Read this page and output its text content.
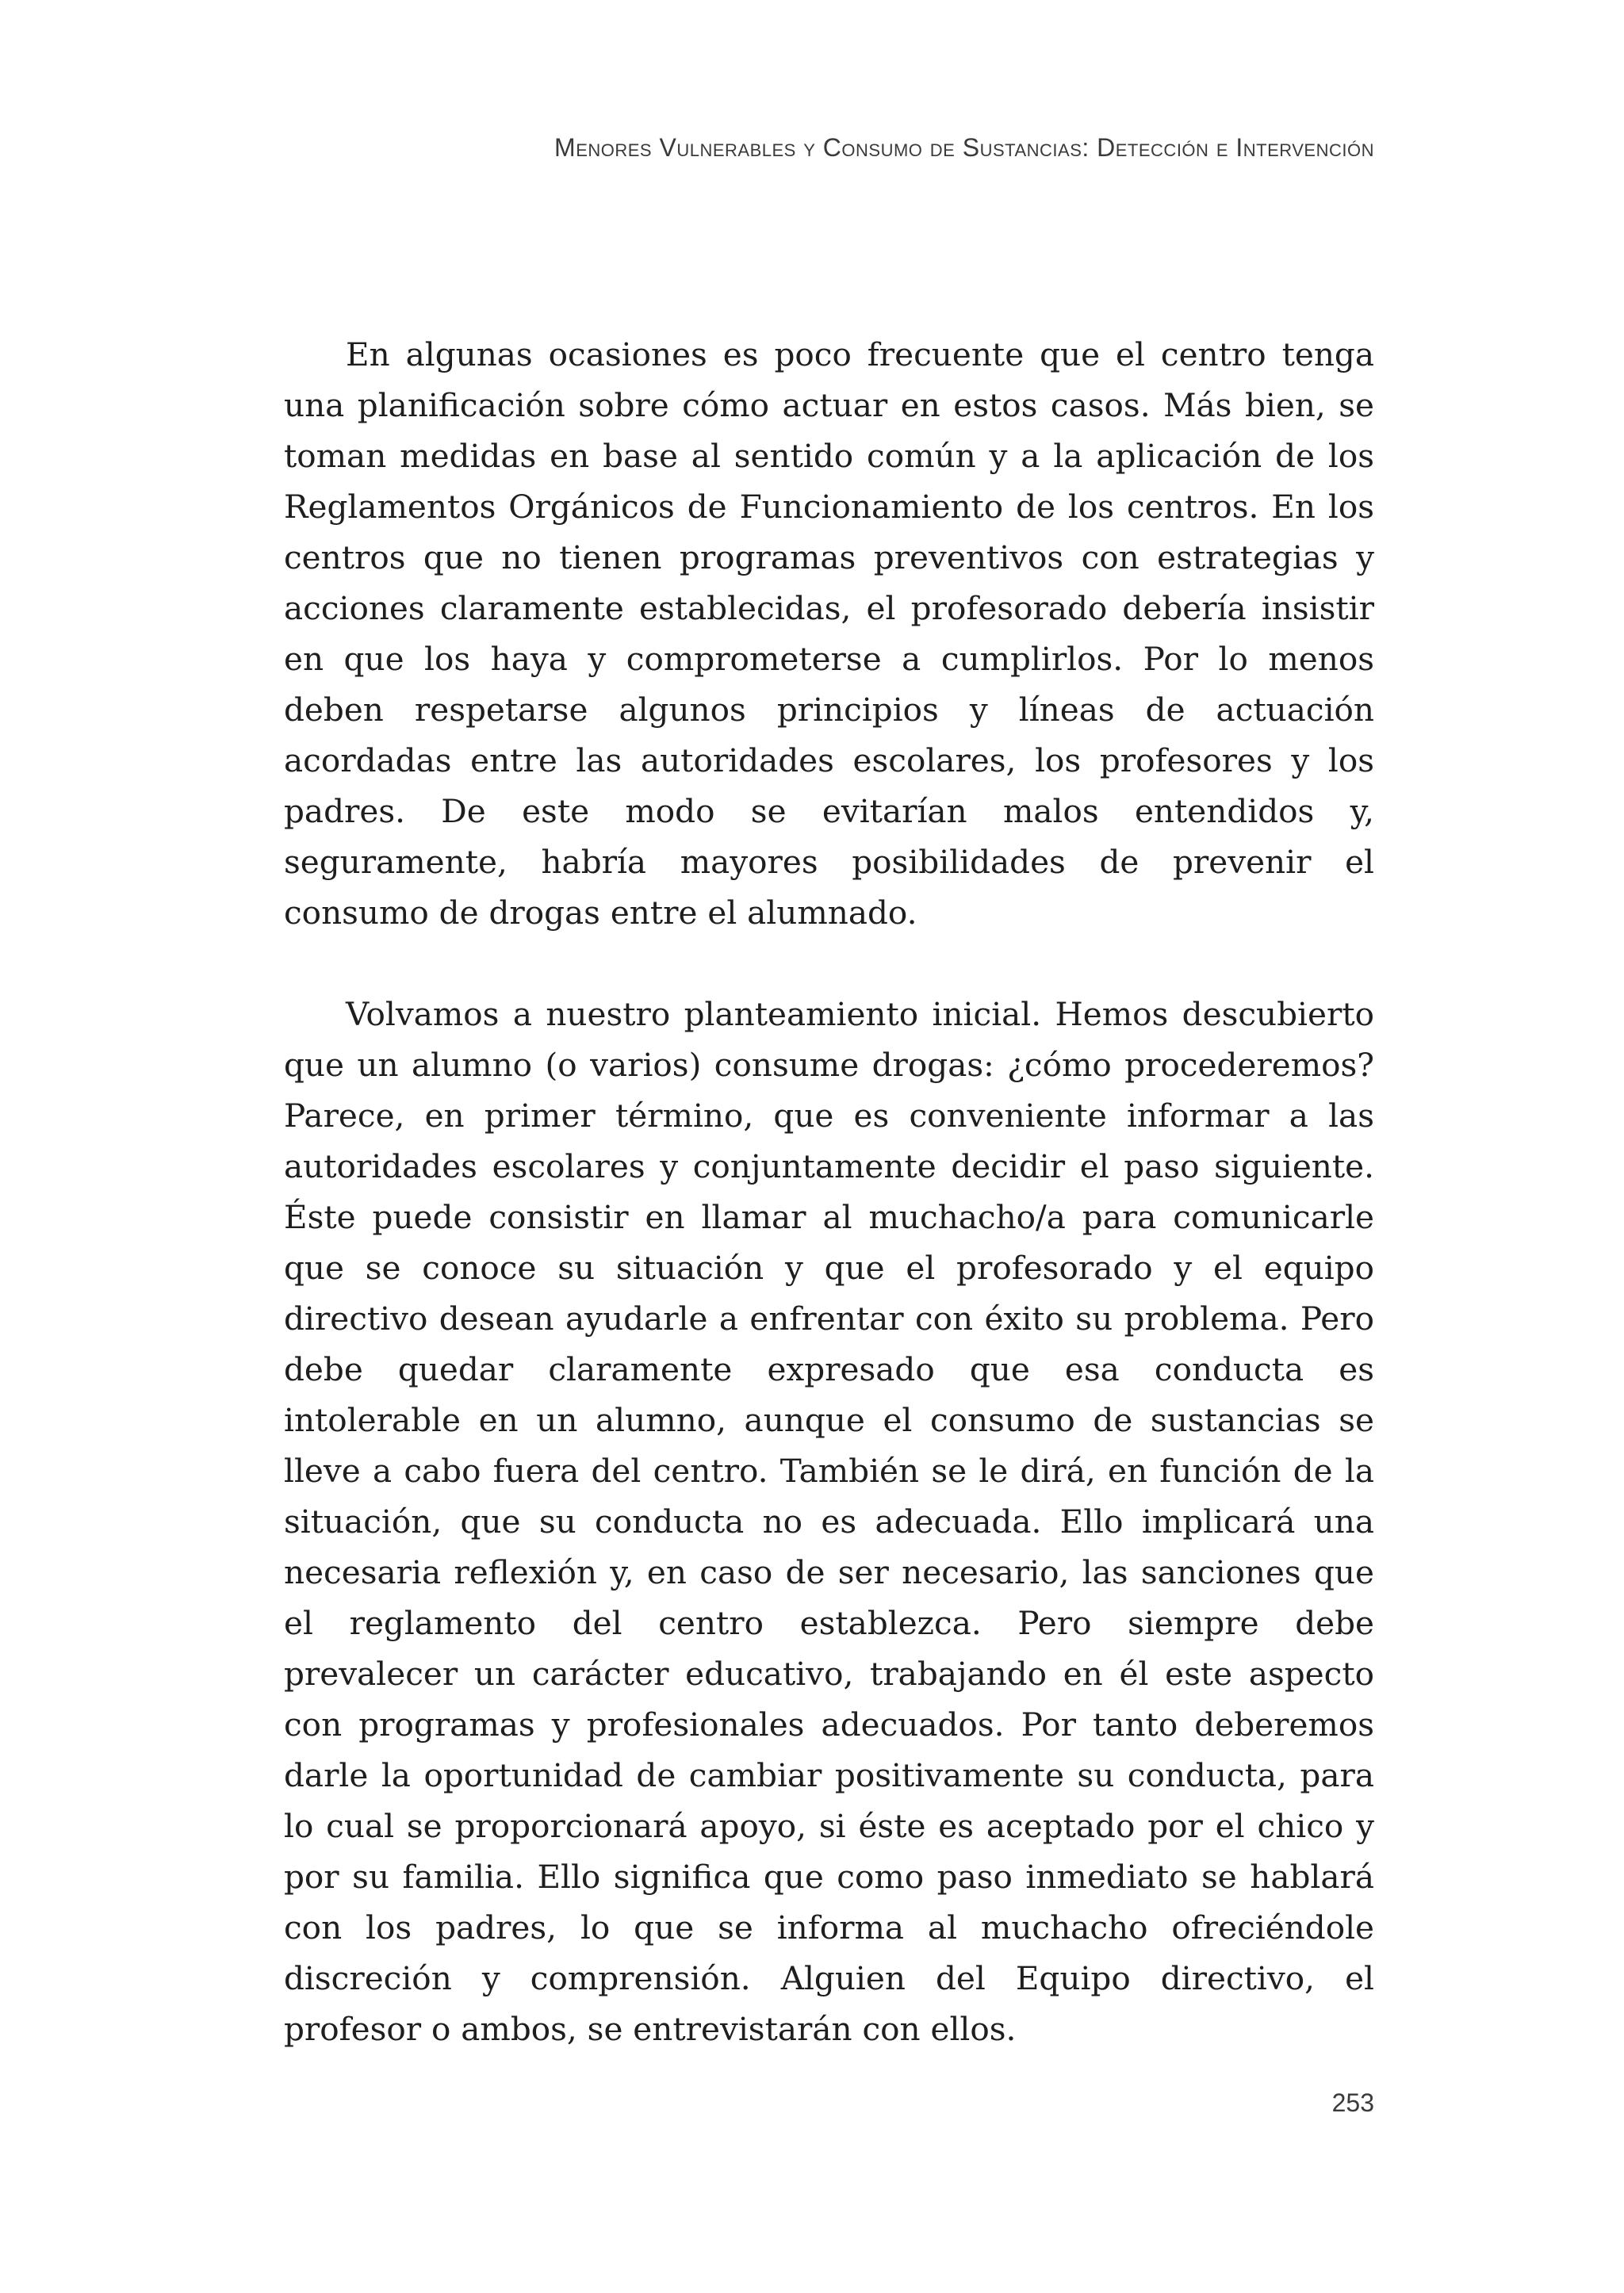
Menores Vulnerables y Consumo de Sustancias: Detección e Intervención

En algunas ocasiones es poco frecuente que el centro tenga una planificación sobre cómo actuar en estos casos. Más bien, se toman medidas en base al sentido común y a la aplicación de los Reglamentos Orgánicos de Funcionamiento de los centros. En los centros que no tienen programas preventivos con estrategias y acciones claramente establecidas, el profesorado debería insistir en que los haya y comprometerse a cumplirlos. Por lo menos deben respetarse algunos principios y líneas de actuación acordadas entre las autoridades escolares, los profesores y los padres. De este modo se evitarían malos entendidos y, seguramente, habría mayores posibilidades de prevenir el consumo de drogas entre el alumnado.

Volvamos a nuestro planteamiento inicial. Hemos descubierto que un alumno (o varios) consume drogas: ¿cómo procederemos? Parece, en primer término, que es conveniente informar a las autoridades escolares y conjuntamente decidir el paso siguiente. Éste puede consistir en llamar al muchacho/a para comunicarle que se conoce su situación y que el profesorado y el equipo directivo desean ayudarle a enfrentar con éxito su problema. Pero debe quedar claramente expresado que esa conducta es intolerable en un alumno, aunque el consumo de sustancias se lleve a cabo fuera del centro. También se le dirá, en función de la situación, que su conducta no es adecuada. Ello implicará una necesaria reflexión y, en caso de ser necesario, las sanciones que el reglamento del centro establezca. Pero siempre debe prevalecer un carácter educativo, trabajando en él este aspecto con programas y profesionales adecuados. Por tanto deberemos darle la oportunidad de cambiar positivamente su conducta, para lo cual se proporcionará apoyo, si éste es aceptado por el chico y por su familia. Ello significa que como paso inmediato se hablará con los padres, lo que se informa al muchacho ofreciéndole discreción y comprensión. Alguien del Equipo directivo, el profesor o ambos, se entrevistarán con ellos.

253
